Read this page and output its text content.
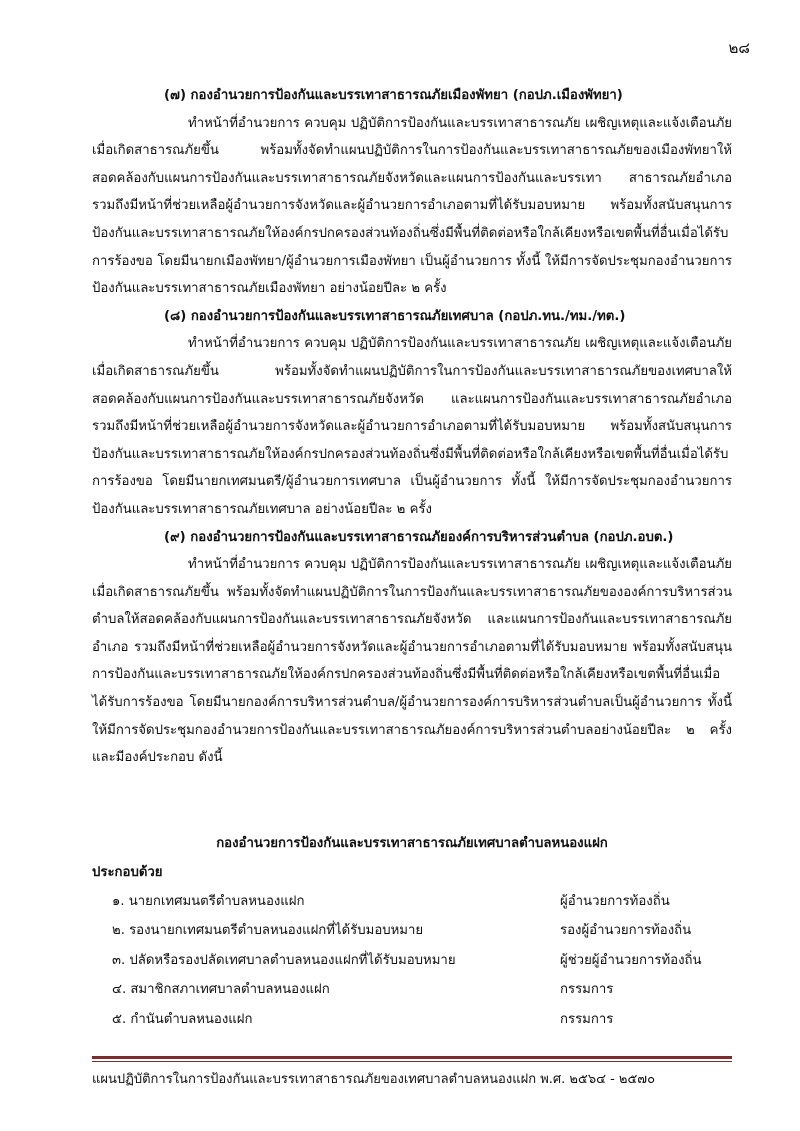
๒๘

(๗) กองอำนวยการป้องกันและบรรเทาสาธารณภัยเมืองพัทยา (กอปภ.เมืองพัทยา)

ทำหน้าที่อำนวยการ ควบคุม ปฏิบัติการป้องกันและบรรเทาสาธารณภัย เผชิญเหตุและแจ้งเตือนภัยเมื่อเกิดสาธารณภัยขึ้น พร้อมทั้งจัดทำแผนปฏิบัติการในการป้องกันและบรรเทาสาธารณภัยของเมืองพัทยาให้สอดคล้องกับแผนการป้องกันและบรรเทาสาธารณภัยจังหวัดและแผนการป้องกันและบรรเทา สาธารณภัยอำเภอ รวมถึงมีหน้าที่ช่วยเหลือผู้อำนวยการจังหวัดและผู้อำนวยการอำเภอตามที่ได้รับมอบหมาย พร้อมทั้งสนับสนุนการป้องกันและบรรเทาสาธารณภัยให้องค์กรปกครองส่วนท้องถิ่นซึ่งมีพื้นที่ติดต่อหรือใกล้เคียงหรือเขตพื้นที่อื่นเมื่อได้รับการร้องขอ โดยมีนายกเมืองพัทยา/ผู้อำนวยการเมืองพัทยา เป็นผู้อำนวยการ ทั้งนี้ ให้มีการจัดประชุมกองอำนวยการป้องกันและบรรเทาสาธารณภัยเมืองพัทยา อย่างน้อยปีละ ๒ ครั้ง

(๘) กองอำนวยการป้องกันและบรรเทาสาธารณภัยเทศบาล (กอปภ.ทน./ทม./ทต.)

ทำหน้าที่อำนวยการ ควบคุม ปฏิบัติการป้องกันและบรรเทาสาธารณภัย เผชิญเหตุและแจ้งเตือนภัยเมื่อเกิดสาธารณภัยขึ้น พร้อมทั้งจัดทำแผนปฏิบัติการในการป้องกันและบรรเทาสาธารณภัยของเทศบาลให้สอดคล้องกับแผนการป้องกันและบรรเทาสาธารณภัยจังหวัด และแผนการป้องกันและบรรเทาสาธารณภัยอำเภอ รวมถึงมีหน้าที่ช่วยเหลือผู้อำนวยการจังหวัดและผู้อำนวยการอำเภอตามที่ได้รับมอบหมาย พร้อมทั้งสนับสนุนการป้องกันและบรรเทาสาธารณภัยให้องค์กรปกครองส่วนท้องถิ่นซึ่งมีพื้นที่ติดต่อหรือใกล้เคียงหรือเขตพื้นที่อื่นเมื่อได้รับการร้องขอ โดยมีนายกเทศมนตรี/ผู้อำนวยการเทศบาล เป็นผู้อำนวยการ ทั้งนี้ ให้มีการจัดประชุมกองอำนวยการป้องกันและบรรเทาสาธารณภัยเทศบาล อย่างน้อยปีละ ๒ ครั้ง

(๙) กองอำนวยการป้องกันและบรรเทาสาธารณภัยองค์การบริหารส่วนตำบล (กอปภ.อบต.)

ทำหน้าที่อำนวยการ ควบคุม ปฏิบัติการป้องกันและบรรเทาสาธารณภัย เผชิญเหตุและแจ้งเตือนภัยเมื่อเกิดสาธารณภัยขึ้น พร้อมทั้งจัดทำแผนปฏิบัติการในการป้องกันและบรรเทาสาธารณภัยขององค์การบริหารส่วนตำบลให้สอดคล้องกับแผนการป้องกันและบรรเทาสาธารณภัยจังหวัด และแผนการป้องกันและบรรเทาสาธารณภัยอำเภอ รวมถึงมีหน้าที่ช่วยเหลือผู้อำนวยการจังหวัดและผู้อำนวยการอำเภอตามที่ได้รับมอบหมาย พร้อมทั้งสนับสนุนการป้องกันและบรรเทาสาธารณภัยให้องค์กรปกครองส่วนท้องถิ่นซึ่งมีพื้นที่ติดต่อหรือใกล้เคียงหรือเขตพื้นที่อื่นเมื่อได้รับการร้องขอ โดยมีนายกองค์การบริหารส่วนตำบล/ผู้อำนวยการองค์การบริหารส่วนตำบลเป็นผู้อำนวยการ ทั้งนี้ ให้มีการจัดประชุมกองอำนวยการป้องกันและบรรเทาสาธารณภัยองค์การบริหารส่วนตำบลอย่างน้อยปีละ ๒ ครั้ง และมีองค์ประกอบ ดังนี้

กองอำนวยการป้องกันและบรรเทาสาธารณภัยเทศบาลตำบลหนองแฝก
ประกอบด้วย
๑. นายกเทศมนตรีตำบลหนองแฝก	ผู้อำนวยการท้องถิ่น
๒. รองนายกเทศมนตรีตำบลหนองแฝกที่ได้รับมอบหมาย	รองผู้อำนวยการท้องถิ่น
๓. ปลัดหรือรองปลัดเทศบาลตำบลหนองแฝกที่ได้รับมอบหมาย	ผู้ช่วยผู้อำนวยการท้องถิ่น
๔. สมาชิกสภาเทศบาลตำบลหนองแฝก	กรรมการ
๕. กำนันตำบลหนองแฝก	กรรมการ
แผนปฏิบัติการในการป้องกันและบรรเทาสาธารณภัยของเทศบาลตำบลหนองแฝก พ.ศ. ๒๕๖๔ - ๒๕๗๐
